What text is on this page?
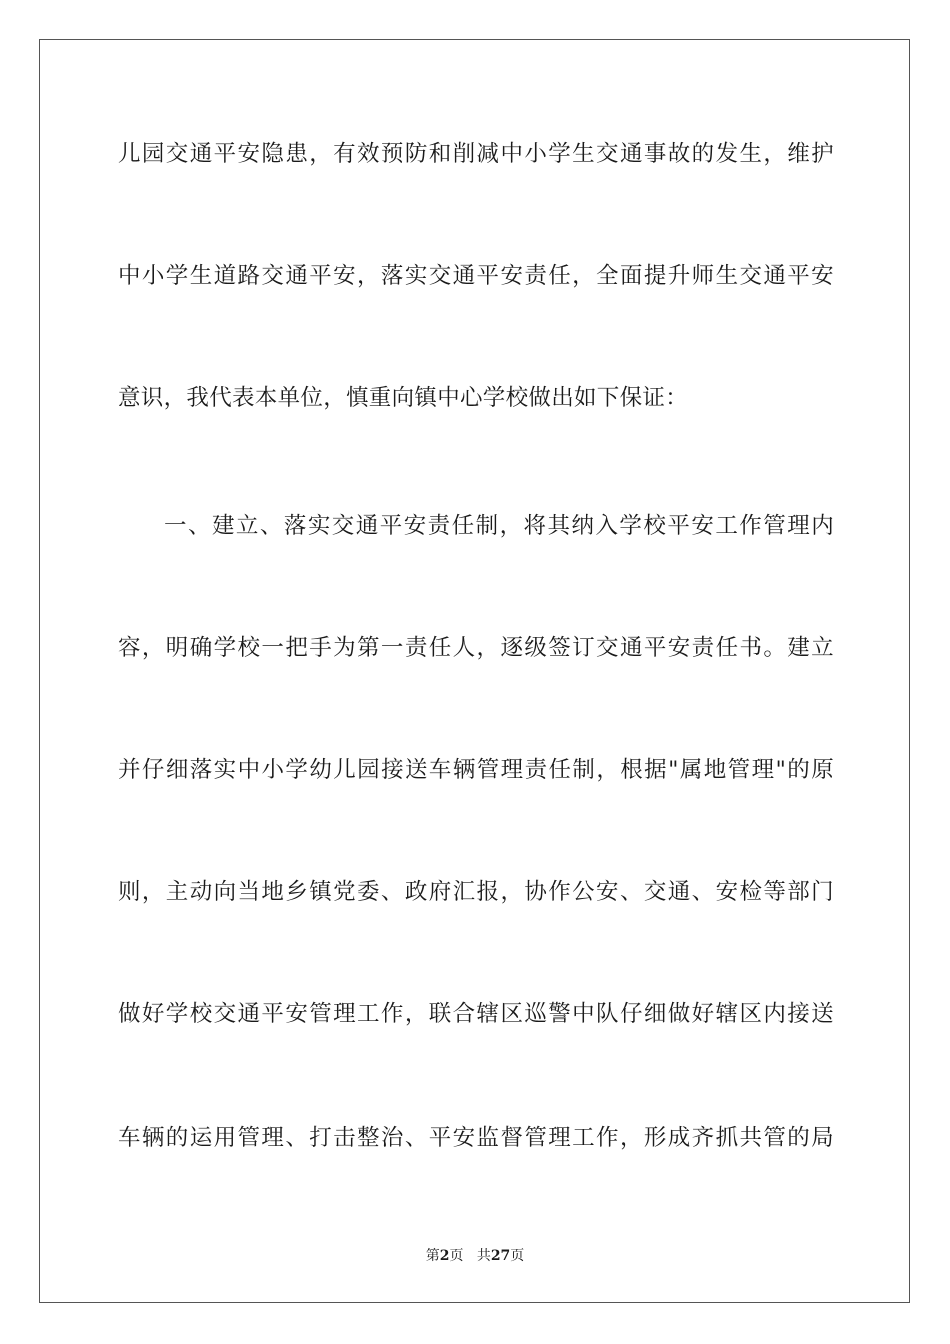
儿园交通平安隐患，有效预防和削减中小学生交通事故的发生，维护
中小学生道路交通平安，落实交通平安责任，全面提升师生交通平安
意识，我代表本单位，慎重向镇中心学校做出如下保证：
一、建立、落实交通平安责任制，将其纳入学校平安工作管理内
容，明确学校一把手为第一责任人，逐级签订交通平安责任书。建立
并仔细落实中小学幼儿园接送车辆管理责任制，根据"属地管理"的原
则，主动向当地乡镇党委、政府汇报，协作公安、交通、安检等部门
做好学校交通平安管理工作，联合辖区巡警中队仔细做好辖区内接送
车辆的运用管理、打击整治、平安监督管理工作，形成齐抓共管的局
第2页 共27页
